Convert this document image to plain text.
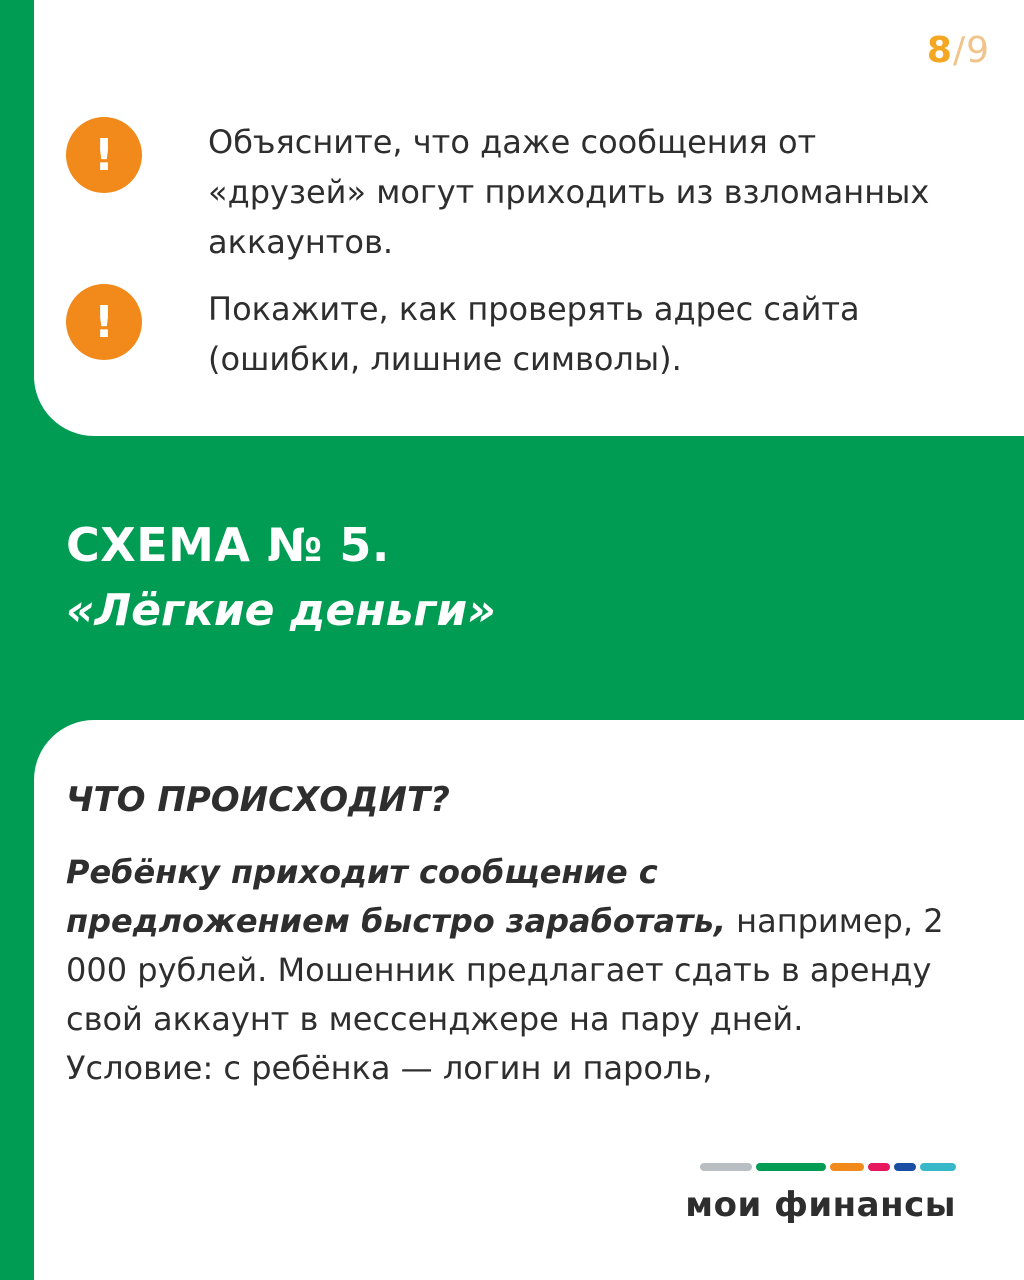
8/9
!	Объясните, что даже сообщения от «друзей» могут приходить из взломанных аккаунтов.
!	Покажите, как проверять адрес сайта (ошибки, лишние символы).
СХЕМА № 5.
«Лёгкие деньги»
ЧТО ПРОИСХОДИТ?

Ребёнку приходит сообщение с предложением быстро заработать, например, 2 000 рублей. Мошенник предлагает сдать в аренду свой аккаунт в мессенджере на пару дней. Условие: с ребёнка — логин и пароль,

мои финансы
